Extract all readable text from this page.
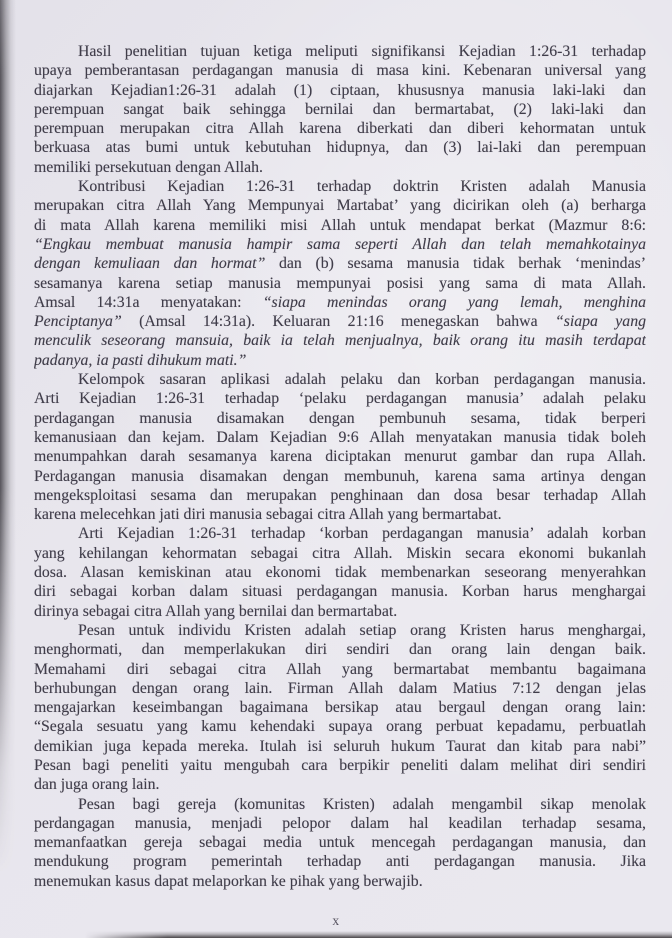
Hasil penelitian tujuan ketiga meliputi signifikansi Kejadian 1:26-31 terhadap
upaya pemberantasan perdagangan manusia di masa kini. Kebenaran universal yang
diajarkan Kejadian1:26-31 adalah (1) ciptaan, khususnya manusia laki-laki dan
perempuan sangat baik sehingga bernilai dan bermartabat, (2) laki-laki dan
perempuan merupakan citra Allah karena diberkati dan diberi kehormatan untuk
berkuasa atas bumi untuk kebutuhan hidupnya, dan (3) lai-laki dan perempuan
memiliki persekutuan dengan Allah.
Kontribusi Kejadian 1:26-31 terhadap doktrin Kristen adalah Manusia
merupakan citra Allah Yang Mempunyai Martabat’ yang dicirikan oleh (a) berharga
di mata Allah karena memiliki misi Allah untuk mendapat berkat (Mazmur 8:6:
“Engkau membuat manusia hampir sama seperti Allah dan telah memahkotainya
dengan kemuliaan dan hormat” dan (b) sesama manusia tidak berhak ‘menindas’
sesamanya karena setiap manusia mempunyai posisi yang sama di mata Allah.
Amsal 14:31a menyatakan: “siapa menindas orang yang lemah, menghina
Penciptanya” (Amsal 14:31a). Keluaran 21:16 menegaskan bahwa “siapa yang
menculik seseorang mansuia, baik ia telah menjualnya, baik orang itu masih terdapat
padanya, ia pasti dihukum mati.”
Kelompok sasaran aplikasi adalah pelaku dan korban perdagangan manusia.
Arti Kejadian 1:26-31 terhadap ‘pelaku perdagangan manusia’ adalah pelaku
perdagangan manusia disamakan dengan pembunuh sesama, tidak berperi
kemanusiaan dan kejam. Dalam Kejadian 9:6 Allah menyatakan manusia tidak boleh
menumpahkan darah sesamanya karena diciptakan menurut gambar dan rupa Allah.
Perdagangan manusia disamakan dengan membunuh, karena sama artinya dengan
mengeksploitasi sesama dan merupakan penghinaan dan dosa besar terhadap Allah
karena melecehkan jati diri manusia sebagai citra Allah yang bermartabat.
Arti Kejadian 1:26-31 terhadap ‘korban perdagangan manusia’ adalah korban
yang kehilangan kehormatan sebagai citra Allah. Miskin secara ekonomi bukanlah
dosa. Alasan kemiskinan atau ekonomi tidak membenarkan seseorang menyerahkan
diri sebagai korban dalam situasi perdagangan manusia. Korban harus menghargai
dirinya sebagai citra Allah yang bernilai dan bermartabat.
Pesan untuk individu Kristen adalah setiap orang Kristen harus menghargai,
menghormati, dan memperlakukan diri sendiri dan orang lain dengan baik.
Memahami diri sebagai citra Allah yang bermartabat membantu bagaimana
berhubungan dengan orang lain. Firman Allah dalam Matius 7:12 dengan jelas
mengajarkan keseimbangan bagaimana bersikap atau bergaul dengan orang lain:
“Segala sesuatu yang kamu kehendaki supaya orang perbuat kepadamu, perbuatlah
demikian juga kepada mereka. Itulah isi seluruh hukum Taurat dan kitab para nabi”
Pesan bagi peneliti yaitu mengubah cara berpikir peneliti dalam melihat diri sendiri
dan juga orang lain.
Pesan bagi gereja (komunitas Kristen) adalah mengambil sikap menolak
perdangagan manusia, menjadi pelopor dalam hal keadilan terhadap sesama,
memanfaatkan gereja sebagai media untuk mencegah perdagangan manusia, dan
mendukung program pemerintah terhadap anti perdagangan manusia. Jika
menemukan kasus dapat melaporkan ke pihak yang berwajib.
x
